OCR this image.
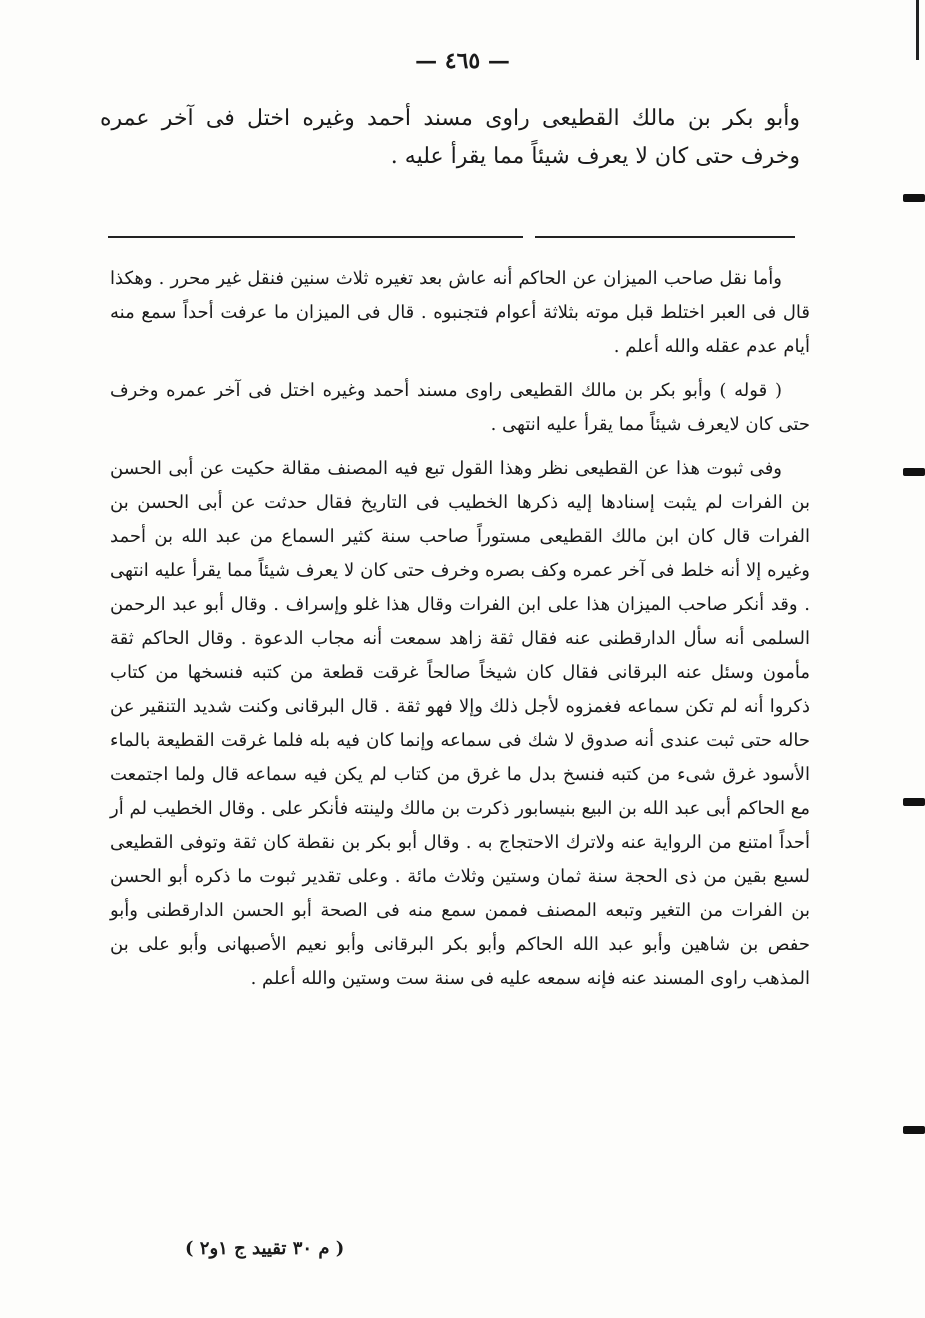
— ٤٦٥ —

وأبو بكر بن مالك القطيعى راوى مسند أحمد وغيره اختل فى آخر عمره وخرف حتى كان لا يعرف شيئاً مما يقرأ عليه .

وأما نقل صاحب الميزان عن الحاكم أنه عاش بعد تغيره ثلاث سنين فنقل غير محرر . وهكذا قال فى العبر اختلط قبل موته بثلاثة أعوام فتجنبوه . قال فى الميزان ما عرفت أحداً سمع منه أيام عدم عقله والله أعلم .

( قوله ) وأبو بكر بن مالك القطيعى راوى مسند أحمد وغيره اختل فى آخر عمره وخرف حتى كان لايعرف شيئاً مما يقرأ عليه انتهى .

وفى ثبوت هذا عن القطيعى نظر وهذا القول تبع فيه المصنف مقالة حكيت عن أبى الحسن بن الفرات لم يثبت إسنادها إليه ذكرها الخطيب فى التاريخ فقال حدثت عن أبى الحسن بن الفرات قال كان ابن مالك القطيعى مستوراً صاحب سنة كثير السماع من عبد الله بن أحمد وغيره إلا أنه خلط فى آخر عمره وكف بصره وخرف حتى كان لا يعرف شيئاً مما يقرأ عليه انتهى . وقد أنكر صاحب الميزان هذا على ابن الفرات وقال هذا غلو وإسراف . وقال أبو عبد الرحمن السلمى أنه سأل الدارقطنى عنه فقال ثقة زاهد سمعت أنه مجاب الدعوة . وقال الحاكم ثقة مأمون وسئل عنه البرقانى فقال كان شيخاً صالحاً غرقت قطعة من كتبه فنسخها من كتاب ذكروا أنه لم تكن سماعه فغمزوه لأجل ذلك وإلا فهو ثقة . قال البرقانى وكنت شديد التنقير عن حاله حتى ثبت عندى أنه صدوق لا شك فى سماعه وإنما كان فيه بله فلما غرقت القطيعة بالماء الأسود غرق شىء من كتبه فنسخ بدل ما غرق من كتاب لم يكن فيه سماعه قال ولما اجتمعت مع الحاكم أبى عبد الله بن البيع بنيسابور ذكرت بن مالك ولينته فأنكر على . وقال الخطيب لم أر أحداً امتنع من الرواية عنه ولاترك الاحتجاج به . وقال أبو بكر بن نقطة كان ثقة وتوفى القطيعى لسبع بقين من ذى الحجة سنة ثمان وستين وثلاث مائة . وعلى تقدير ثبوت ما ذكره أبو الحسن بن الفرات من التغير وتبعه المصنف فممن سمع منه فى الصحة أبو الحسن الدارقطنى وأبو حفص بن شاهين وأبو عبد الله الحاكم وأبو بكر البرقانى وأبو نعيم الأصبهانى وأبو على بن المذهب راوى المسند عنه فإنه سمعه عليه فى سنة ست وستين والله أعلم .

( م ٣٠ تقييد ج ١و٢ )
